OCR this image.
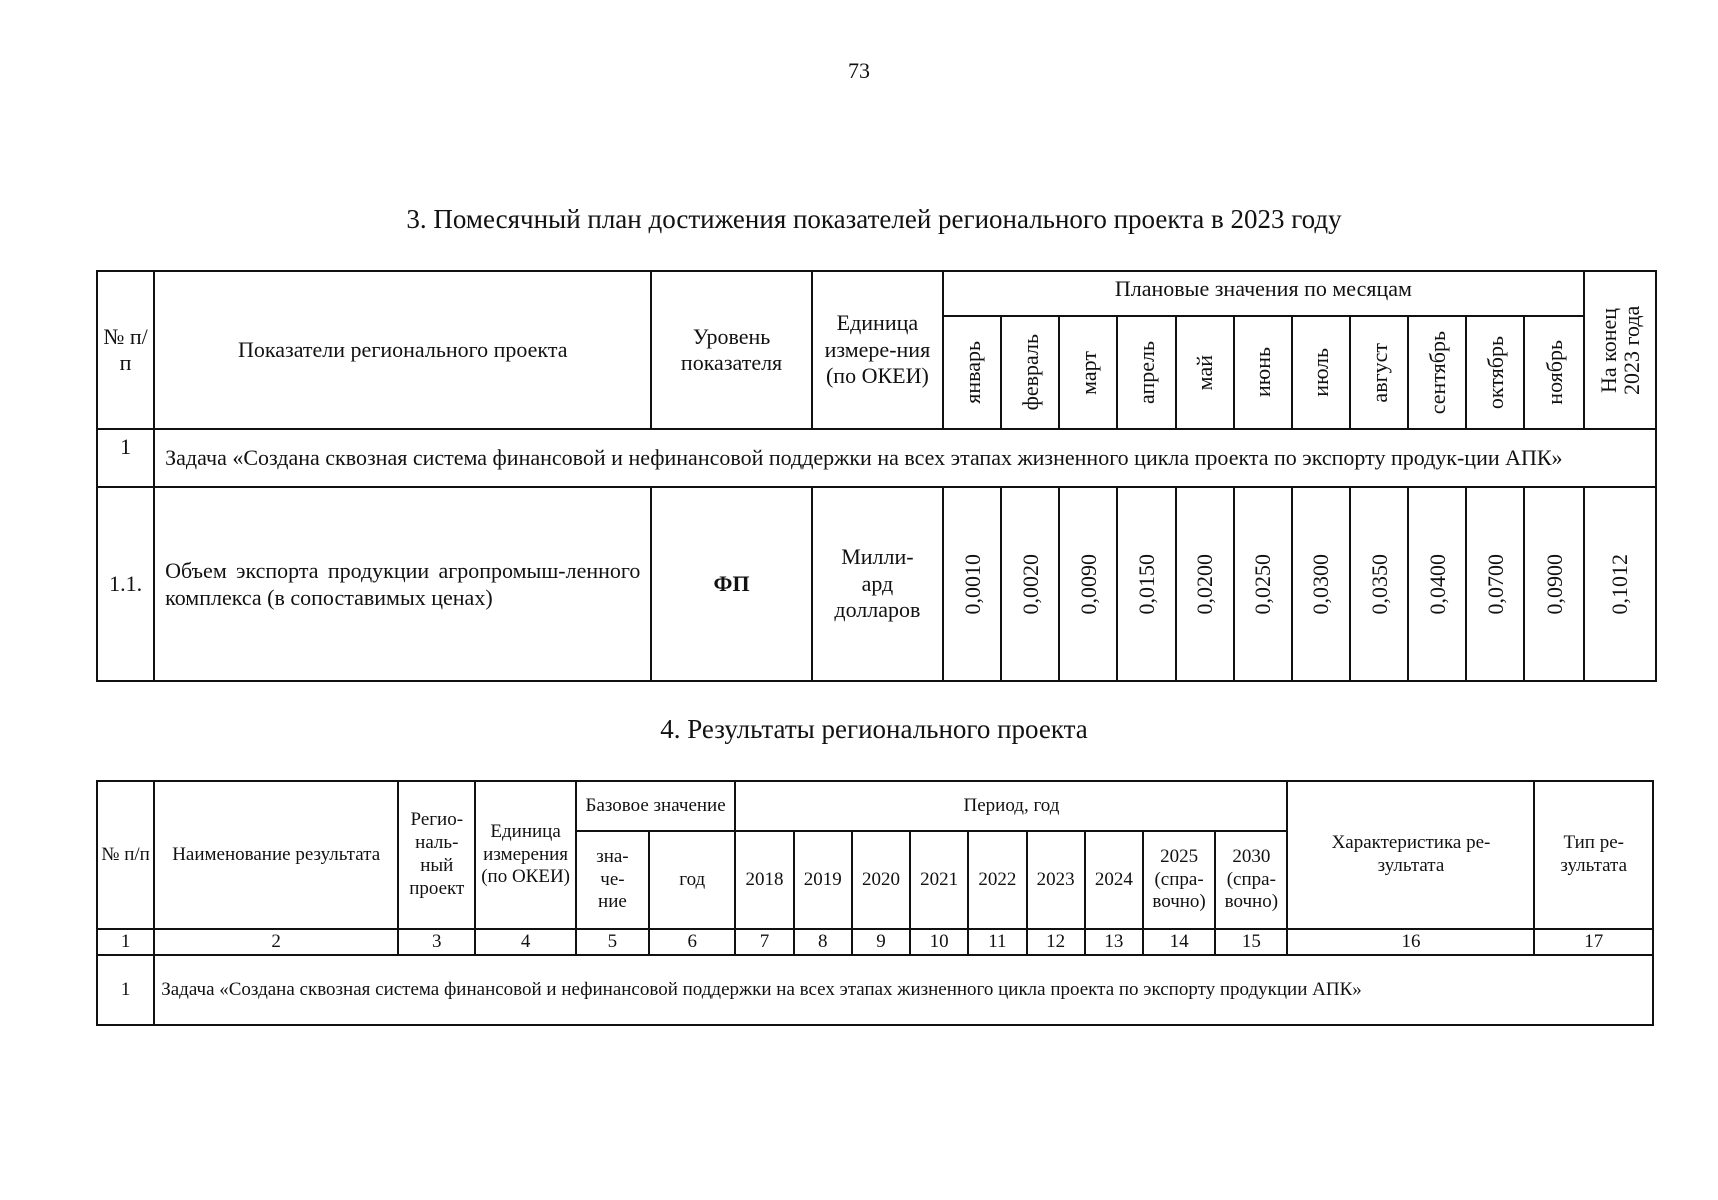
73
3. Помесячный план достижения показателей регионального проекта в 2023 году
№ п/п	Показатели регионального проекта	Уровень показателя	Единица измере-ния (по ОКЕИ)	Плановые значения по месяцам											На конец 2023 года

				январь	февраль	март	апрель	май	июнь	июль	август	сентябрь	октябрь	ноябрь	

1	Задача «Создана сквозная система финансовой и нефинансовой поддержки на всех этапах жизненного цикла проекта по экспорту продук-ции АПК»														
1.1.	Объем экспорта продукции агропромыш-ленного комплекса (в сопоставимых ценах)	ФП	Милли-ард долларов	0,0010	0,0020	0,0090	0,0150	0,0200	0,0250	0,0300	0,0350	0,0400	0,0700	0,0900	0,1012
4. Результаты регионального проекта
№ п/п	Наименование результата	Регио-наль-ный проект	Единица измерения (по ОКЕИ)	Базовое значение		Период, год									Характеристика ре-зультата	Тип ре-зультата
				зна-че-ние	год	2018	2019	2020	2021	2022	2023	2024	2025 (спра-вочно)	2030 (спра-вочно)		
1	2	3	4	5	6	7	8	9	10	11	12	13	14	15	16	17
1	Задача «Создана сквозная система финансовой и нефинансовой поддержки на всех этапах жизненного цикла проекта по экспорту продукции АПК»															
